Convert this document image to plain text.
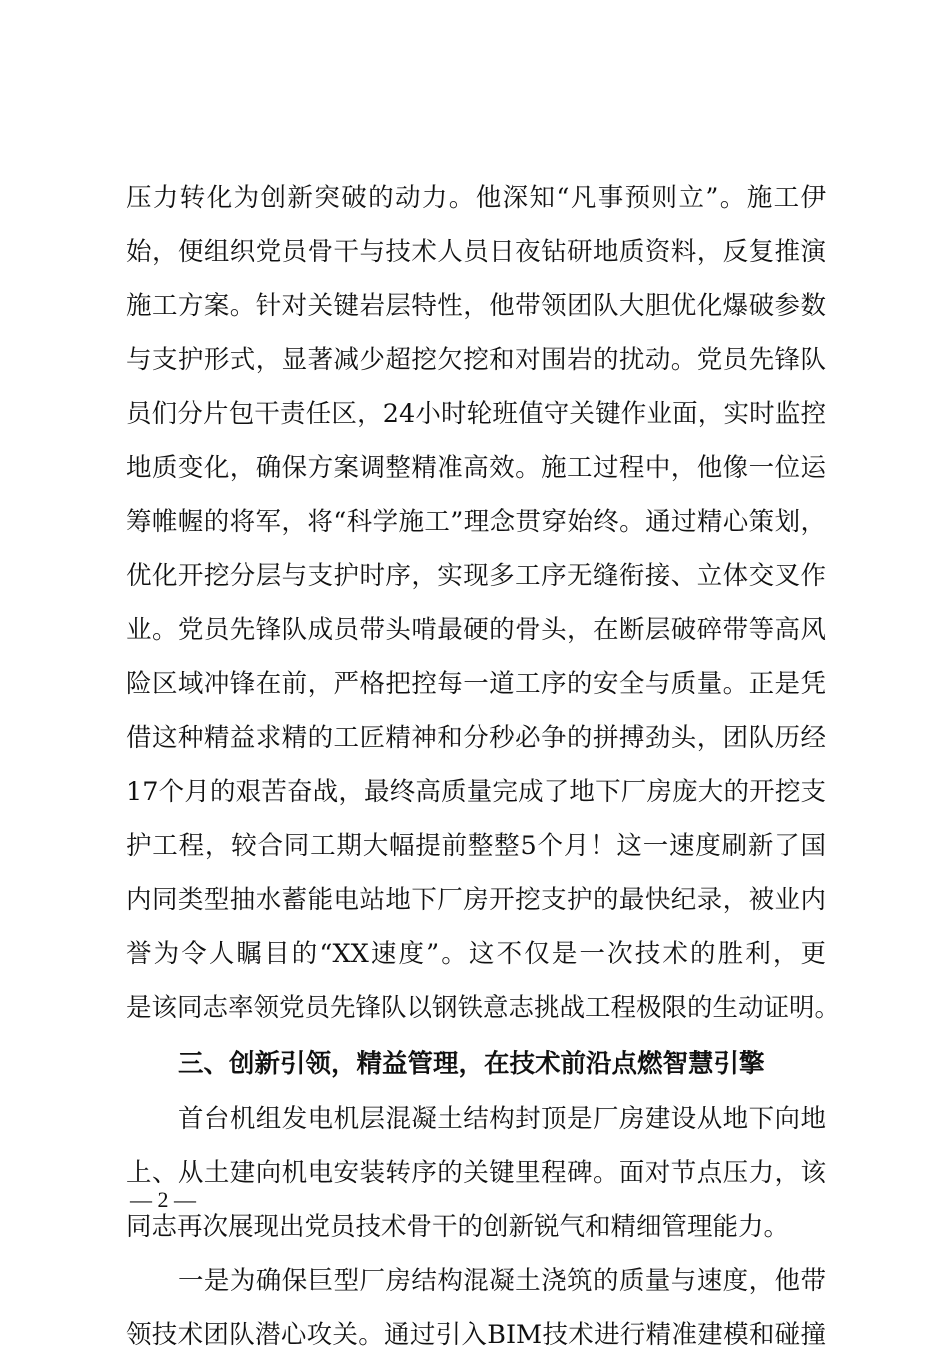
压力转化为创新突破的动力。他深知“凡事预则立”。施工伊
始，便组织党员骨干与技术人员日夜钻研地质资料，反复推演
施工方案。针对关键岩层特性，他带领团队大胆优化爆破参数
与支护形式，显著减少超挖欠挖和对围岩的扰动。党员先锋队
员们分片包干责任区，24小时轮班值守关键作业面，实时监控
地质变化，确保方案调整精准高效。施工过程中，他像一位运
筹帷幄的将军，将“科学施工”理念贯穿始终。通过精心策划，
优化开挖分层与支护时序，实现多工序无缝衔接、立体交叉作
业。党员先锋队成员带头啃最硬的骨头，在断层破碎带等高风
险区域冲锋在前，严格把控每一道工序的安全与质量。正是凭
借这种精益求精的工匠精神和分秒必争的拼搏劲头，团队历经
17个月的艰苦奋战，最终高质量完成了地下厂房庞大的开挖支
护工程，较合同工期大幅提前整整5个月！这一速度刷新了国
内同类型抽水蓄能电站地下厂房开挖支护的最快纪录，被业内
誉为令人瞩目的“XX速度”。这不仅是一次技术的胜利，更
是该同志率领党员先锋队以钢铁意志挑战工程极限的生动证明。
三、创新引领，精益管理，在技术前沿点燃智慧引擎
首台机组发电机层混凝土结构封顶是厂房建设从地下向地
上、从土建向机电安装转序的关键里程碑。面对节点压力，该
同志再次展现出党员技术骨干的创新锐气和精细管理能力。
一是为确保巨型厂房结构混凝土浇筑的质量与速度，他带
领技术团队潜心攻关。通过引入BIM技术进行精准建模和碰撞
— 2 —
